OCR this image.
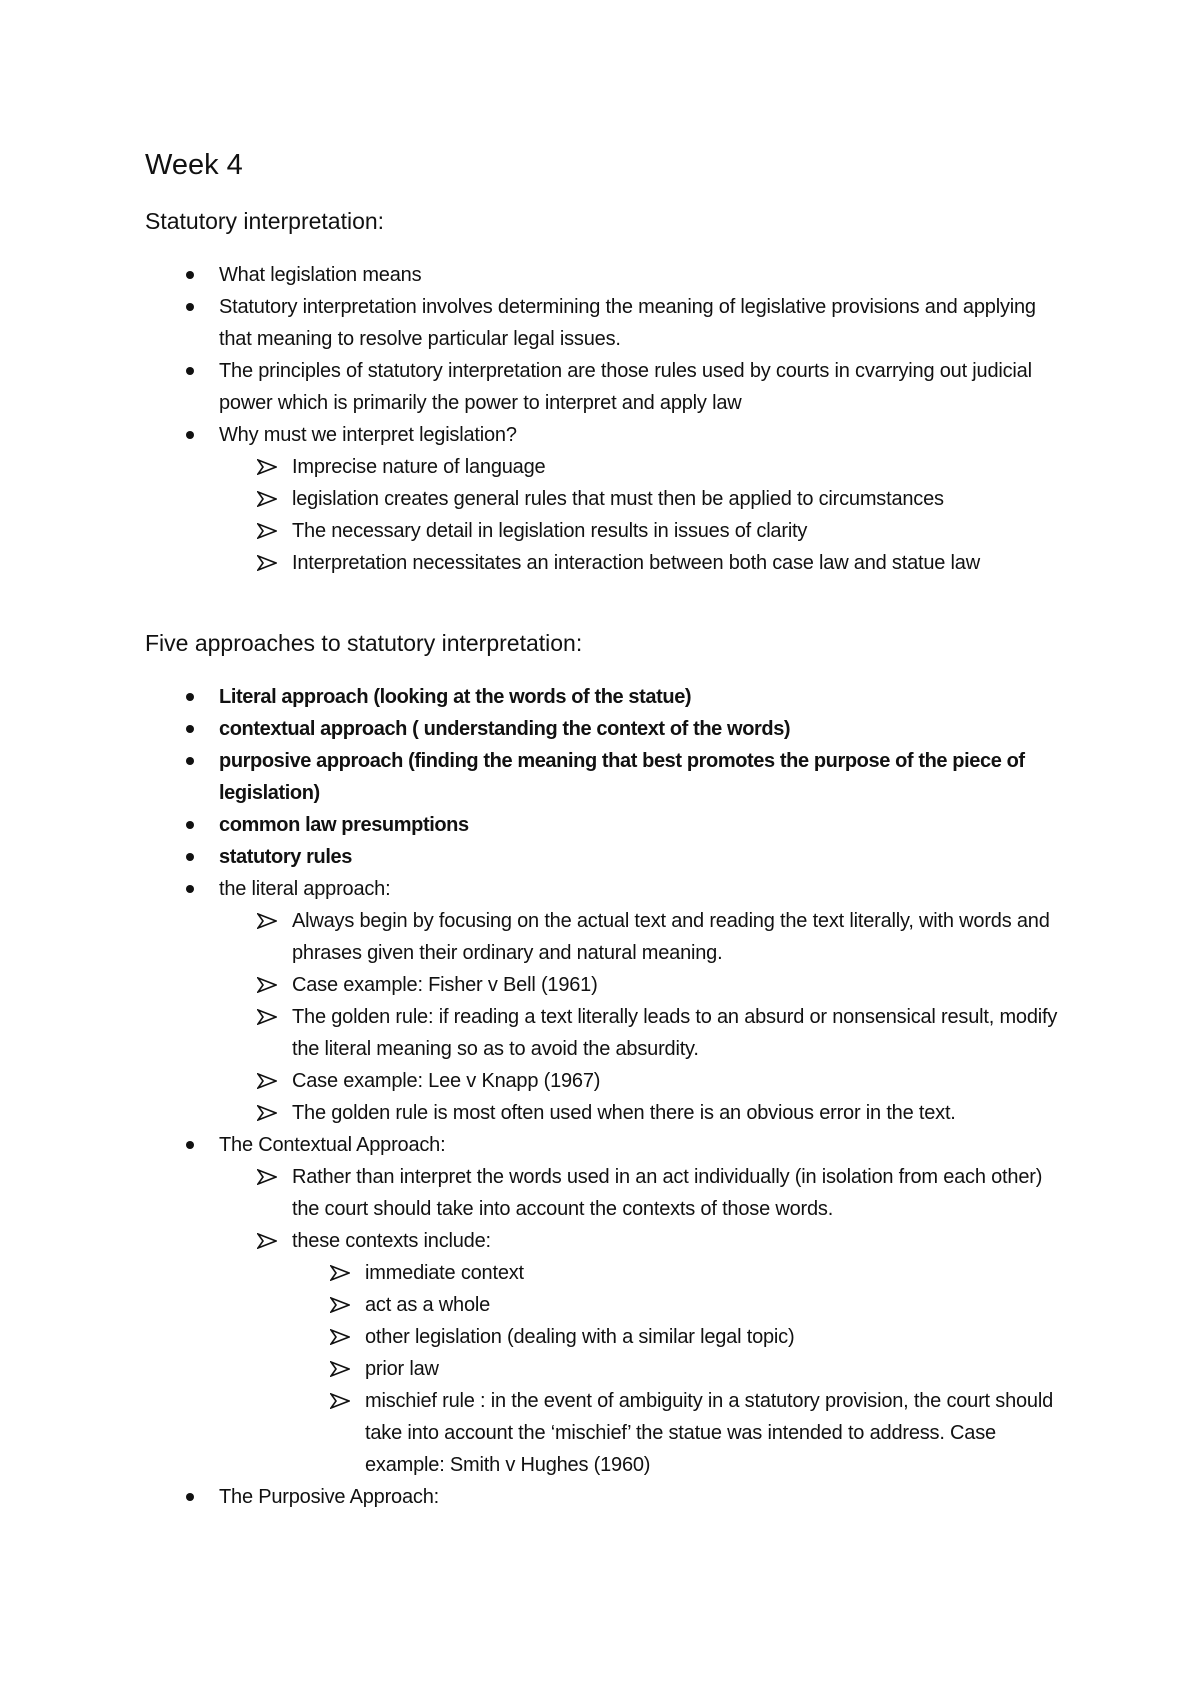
Week 4
Statutory interpretation:
What legislation means
Statutory interpretation involves determining the meaning of legislative provisions and applying that meaning to resolve particular legal issues.
The principles of statutory interpretation are those rules used by courts in cvarrying out judicial power which is primarily the power to interpret and apply law
Why must we interpret legislation?
Imprecise nature of language
legislation creates general rules that must then be applied to circumstances
The necessary detail in legislation results in issues of clarity
Interpretation necessitates an interaction between both case law and statue law
Five approaches to statutory interpretation:
Literal approach (looking at the words of the statue)
contextual approach ( understanding the context of the words)
purposive approach (finding the meaning that best promotes the purpose of the piece of legislation)
common law presumptions
statutory rules
the literal approach:
Always begin by focusing on the actual text and reading the text literally, with words and phrases given their ordinary and natural meaning.
Case example: Fisher v Bell (1961)
The golden rule: if reading a text literally leads to an absurd or nonsensical result, modify the literal meaning so as to avoid the absurdity.
Case example: Lee v Knapp (1967)
The golden rule is most often used when there is an obvious error in the text.
The Contextual Approach:
Rather than interpret the words used in an act individually (in isolation from each other) the court should take into account the contexts of those words.
these contexts include:
immediate context
act as a whole
other legislation (dealing with a similar legal topic)
prior law
mischief rule : in the event of ambiguity in a statutory provision, the court should take into account the ‘mischief’ the statue was intended to address. Case example: Smith v Hughes (1960)
The Purposive Approach:
